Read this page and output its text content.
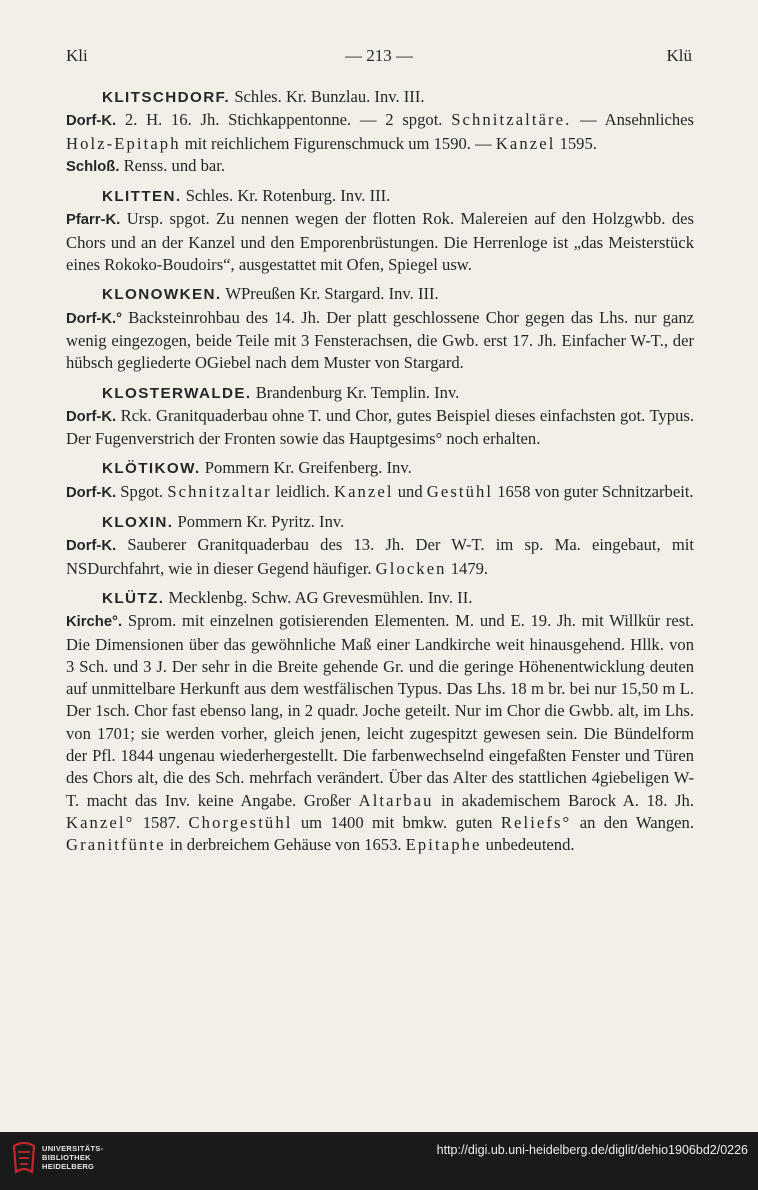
Kli	— 213 —	Klü

KLITSCHDORF. Schles. Kr. Bunzlau. Inv. III.
Dorf-K. 2. H. 16. Jh. Stichkappentonne. — 2 spgot. Schnitzaltäre. — Ansehnliches Holz-Epitaph mit reichlichem Figurenschmuck um 1590. — Kanzel 1595.

Schloß. Renss. und bar.

KLITTEN. Schles. Kr. Rotenburg. Inv. III.
Pfarr-K. Ursp. spgot. Zu nennen wegen der flotten Rok. Malereien auf den Holzgwbb. des Chors und an der Kanzel und den Emporenbrüstungen. Die Herrenloge ist „das Meisterstück eines Rokoko-Boudoirs“, ausgestattet mit Ofen, Spiegel usw.

KLONOWKEN. WPreußen Kr. Stargard. Inv. III.
Dorf-K.° Backsteinrohbau des 14. Jh. Der platt geschlossene Chor gegen das Lhs. nur ganz wenig eingezogen, beide Teile mit 3 Fensterachsen, die Gwb. erst 17. Jh. Einfacher W-T., der hübsch gegliederte OGiebel nach dem Muster von Stargard.

KLOSTERWALDE. Brandenburg Kr. Templin. Inv.
Dorf-K. Rck. Granitquaderbau ohne T. und Chor, gutes Beispiel dieses einfachsten got. Typus. Der Fugenverstrich der Fronten sowie das Hauptgesims° noch erhalten.

KLÖTIKOW. Pommern Kr. Greifenberg. Inv.
Dorf-K. Spgot. Schnitzaltar leidlich. Kanzel und Gestühl 1658 von guter Schnitzarbeit.

KLOXIN. Pommern Kr. Pyritz. Inv.
Dorf-K. Sauberer Granitquaderbau des 13. Jh. Der W-T. im sp. Ma. eingebaut, mit NSDurchfahrt, wie in dieser Gegend häufiger. Glocken 1479.

KLÜTZ. Mecklenbg. Schw. AG Grevesmühlen. Inv. II.
Kirche°. Sprom. mit einzelnen gotisierenden Elementen. M. und E. 19. Jh. mit Willkür rest. Die Dimensionen über das gewöhnliche Maß einer Landkirche weit hinausgehend. Hllk. von 3 Sch. und 3 J. Der sehr in die Breite gehende Gr. und die geringe Höhenentwicklung deuten auf unmittelbare Herkunft aus dem westfälischen Typus. Das Lhs. 18 m br. bei nur 15,50 m L. Der 1sch. Chor fast ebenso lang, in 2 quadr. Joche geteilt. Nur im Chor die Gwbb. alt, im Lhs. von 1701; sie werden vorher, gleich jenen, leicht zugespitzt gewesen sein. Die Bündelform der Pfl. 1844 ungenau wiederhergestellt. Die farbenwechselnd eingefaßten Fenster und Türen des Chors alt, die des Sch. mehrfach verändert. Über das Alter des stattlichen 4giebeligen W-T. macht das Inv. keine Angabe. Großer Altarbau in akademischem Barock A. 18. Jh. Kanzel° 1587. Chorgestühl um 1400 mit bmkw. guten Reliefs° an den Wangen. Granitfünte in derbreichem Gehäuse von 1653. Epitaphe unbedeutend.

UNIVERSITÄTS-
BIBLIOTHEK
HEIDELBERG
http://digi.ub.uni-heidelberg.de/diglit/dehio1906bd2/0226
